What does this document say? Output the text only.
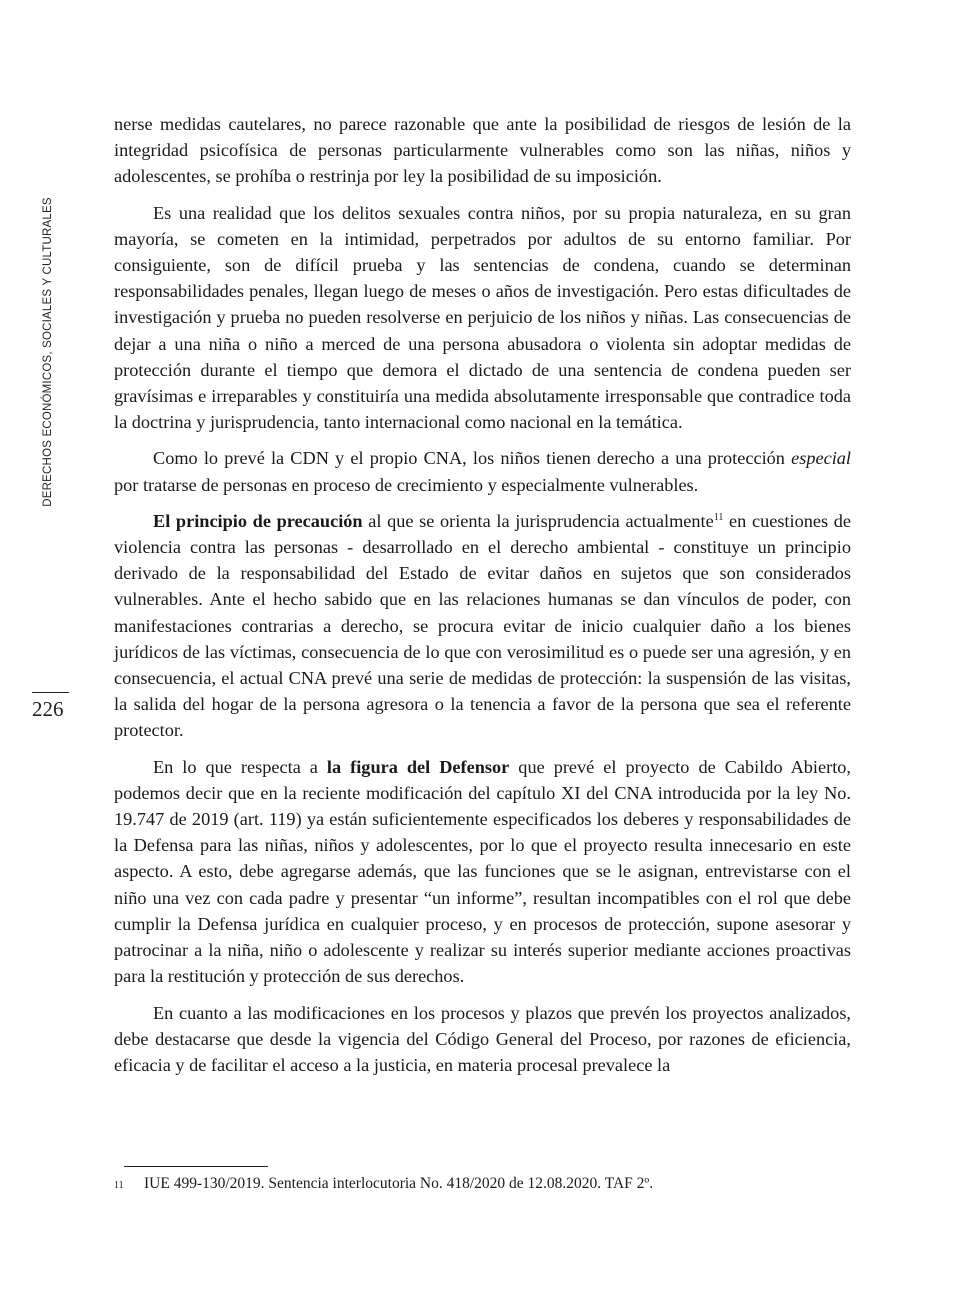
DERECHOS ECONÓMICOS, SOCIALES Y CULTURALES
226

nerse medidas cautelares, no parece razonable que ante la posibilidad de riesgos de lesión de la integridad psicofísica de personas particularmente vulnerables como son las niñas, niños y adolescentes, se prohíba o restrinja por ley la posibilidad de su imposición.

Es una realidad que los delitos sexuales contra niños, por su propia naturaleza, en su gran mayoría, se cometen en la intimidad, perpetrados por adultos de su entorno familiar. Por consiguiente, son de difícil prueba y las sentencias de condena, cuando se determinan responsabilidades penales, llegan luego de meses o años de investigación. Pero estas dificultades de investigación y prueba no pueden resolverse en perjuicio de los niños y niñas. Las consecuencias de dejar a una niña o niño a merced de una persona abusadora o violenta sin adoptar medidas de protección durante el tiempo que demora el dictado de una sentencia de condena pueden ser gravísimas e irreparables y constituiría una medida absolutamente irresponsable que contradice toda la doctrina y jurisprudencia, tanto internacional como nacional en la temática.

Como lo prevé la CDN y el propio CNA, los niños tienen derecho a una protección especial por tratarse de personas en proceso de crecimiento y especialmente vulnerables.

El principio de precaución al que se orienta la jurisprudencia actualmente$^{11}$ en cuestiones de violencia contra las personas - desarrollado en el derecho ambiental - constituye un principio derivado de la responsabilidad del Estado de evitar daños en sujetos que son considerados vulnerables. Ante el hecho sabido que en las relaciones humanas se dan vínculos de poder, con manifestaciones contrarias a derecho, se procura evitar de inicio cualquier daño a los bienes jurídicos de las víctimas, consecuencia de lo que con verosimilitud es o puede ser una agresión, y en consecuencia, el actual CNA prevé una serie de medidas de protección: la suspensión de las visitas, la salida del hogar de la persona agresora o la tenencia a favor de la persona que sea el referente protector.

En lo que respecta a la figura del Defensor que prevé el proyecto de Cabildo Abierto, podemos decir que en la reciente modificación del capítulo XI del CNA introducida por la ley No. 19.747 de 2019 (art. 119) ya están suficientemente especificados los deberes y responsabilidades de la Defensa para las niñas, niños y adolescentes, por lo que el proyecto resulta innecesario en este aspecto. A esto, debe agregarse además, que las funciones que se le asignan, entrevistarse con el niño una vez con cada padre y presentar “un informe”, resultan incompatibles con el rol que debe cumplir la Defensa jurídica en cualquier proceso, y en procesos de protección, supone asesorar y patrocinar a la niña, niño o adolescente y realizar su interés superior mediante acciones proactivas para la restitución y protección de sus derechos.

En cuanto a las modificaciones en los procesos y plazos que prevén los proyectos analizados, debe destacarse que desde la vigencia del Código General del Proceso, por razones de eficiencia, eficacia y de facilitar el acceso a la justicia, en materia procesal prevalece la

11 IUE 499-130/2019. Sentencia interlocutoria No. 418/2020 de 12.08.2020. TAF 2º.
